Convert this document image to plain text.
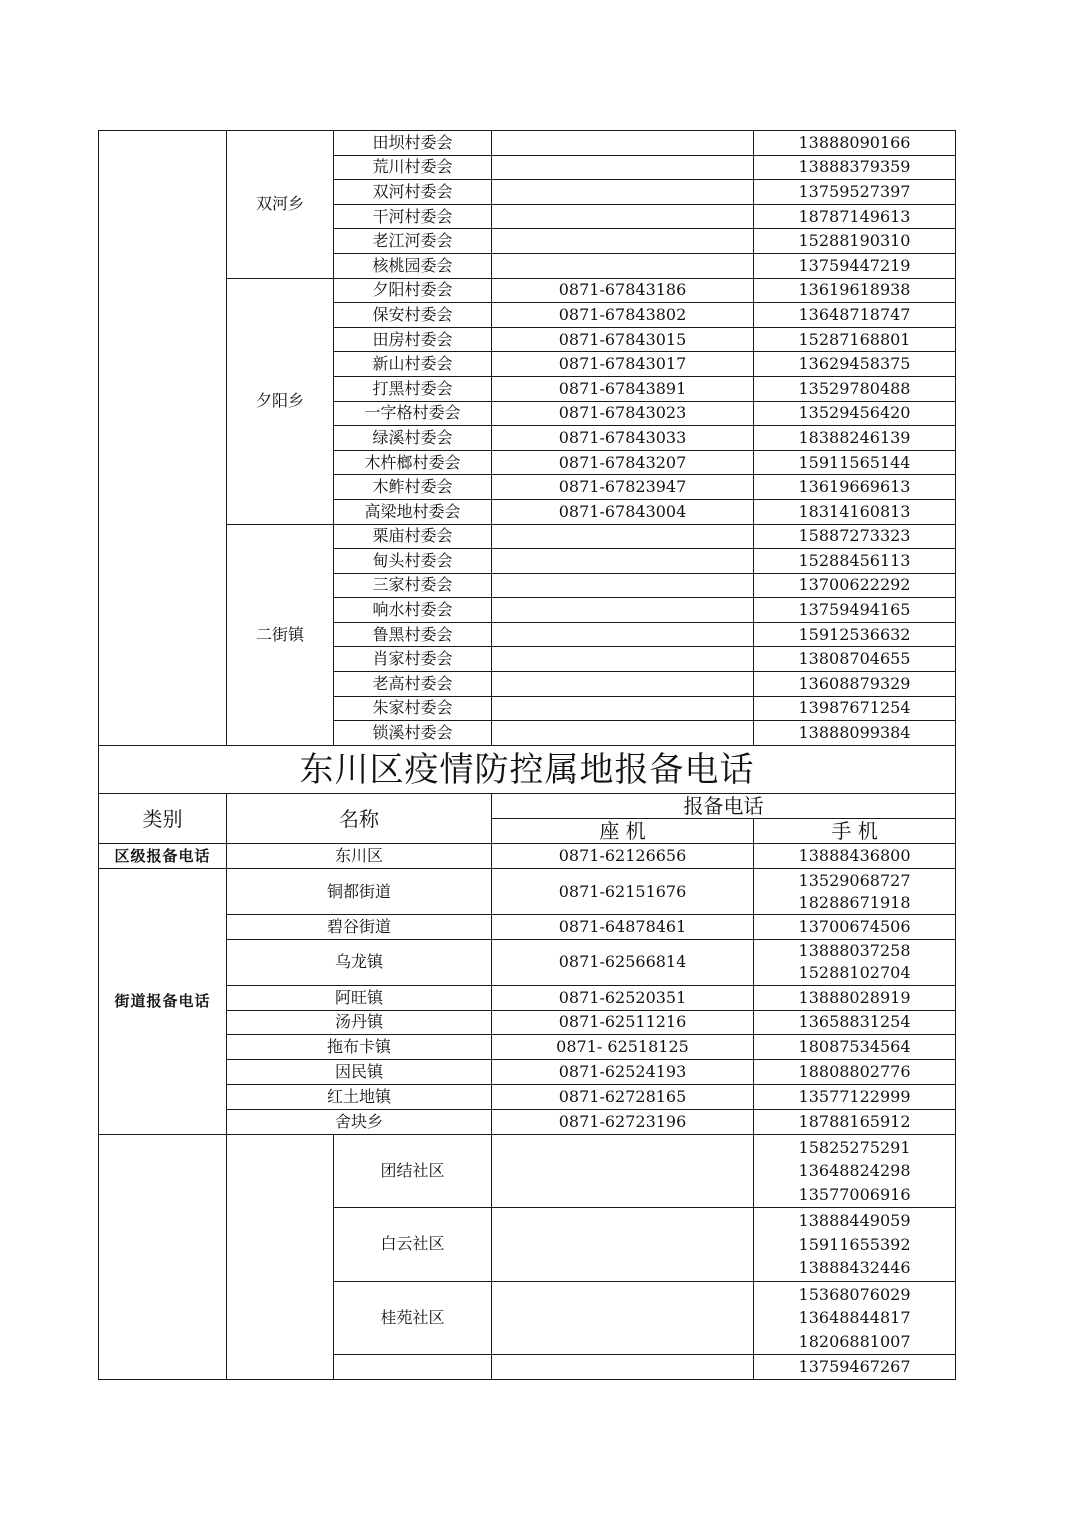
	双河乡	田坝村委会		13888090166
		荒川村委会		13888379359
		双河村委会		13759527397
		干河村委会		18787149613
		老江河委会		15288190310
		核桃园委会		13759447219
	夕阳乡	夕阳村委会	0871-67843186	13619618938
		保安村委会	0871-67843802	13648718747
		田房村委会	0871-67843015	15287168801
		新山村委会	0871-67843017	13629458375
		打黑村委会	0871-67843891	13529780488
		一字格村委会	0871-67843023	13529456420
		绿溪村委会	0871-67843033	18388246139
		木杵榔村委会	0871-67843207	15911565144
		木鲊村委会	0871-67823947	13619669613
		高梁地村委会	0871-67843004	18314160813
	二街镇	栗庙村委会		15887273323
		甸头村委会		15288456113
		三家村委会		13700622292
		响水村委会		13759494165
		鲁黑村委会		15912536632
		肖家村委会		13808704655
		老高村委会		13608879329
		朱家村委会		13987671254
		锁溪村委会		13888099384
东川区疫情防控属地报备电话				
类别	名称		报备电话	
			座 机	手 机
区级报备电话	东川区		0871-62126656	13888436800
街道报备电话	铜都街道		0871-62151676	13529068727
18288671918

	碧谷街道		0871-64878461	13700674506

	乌龙镇		0871-62566814	13888037258
15288102704

	阿旺镇		0871-62520351	13888028919

	汤丹镇		0871-62511216	13658831254

	拖布卡镇		0871- 62518125	18087534564

	因民镇		0871-62524193	18808802776

	红土地镇		0871-62728165	13577122999

	舍块乡		0871-62723196	18788165912

		团结社区		15825275291
13648824298
13577006916

		白云社区		13888449059
15911655392
13888432446

		桂苑社区		15368076029
13648844817
18206881007

				13759467267
